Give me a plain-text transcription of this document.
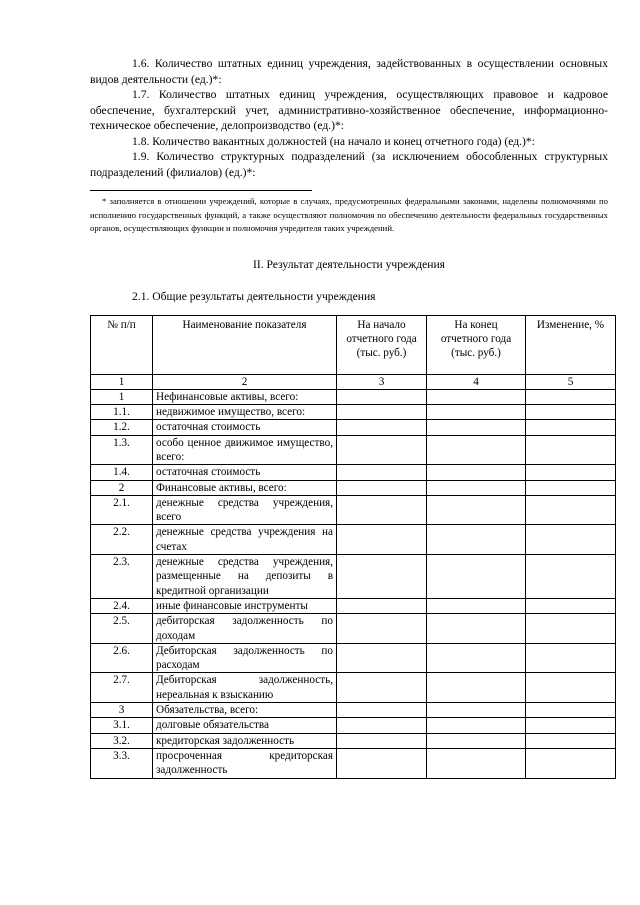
1.6. Количество штатных единиц учреждения, задействованных в осуществлении основных видов деятельности (ед.)*:

1.7. Количество штатных единиц учреждения, осуществляющих правовое и кадровое обеспечение, бухгалтерский учет, административно-хозяйственное обеспечение, информационно-техническое обеспечение, делопроизводство (ед.)*:

1.8. Количество вакантных должностей (на начало и конец отчетного года) (ед.)*:

1.9. Количество структурных подразделений (за исключением обособленных структурных подразделений (филиалов) (ед.)*:

* заполняется в отношении учреждений, которые в случаях, предусмотренных федеральными законами, наделены полномочиями по исполнению государственных функций, а также осуществляют полномочия по обеспечению деятельности федеральных государственных органов, осуществляющих функции и полномочия учредителя таких учреждений.

II. Результат деятельности учреждения
2.1. Общие результаты деятельности учреждения
№ п/п	Наименование показателя	На начало отчетного года (тыс. руб.)	На конец отчетного года (тыс. руб.)	Изменение, %
1	2	3	4	5
1	Нефинансовые активы, всего:			
1.1.	недвижимое имущество, всего:			
1.2.	остаточная стоимость			
1.3.	особо ценное движимое имущество, всего:			
1.4.	остаточная стоимость			
2	Финансовые активы, всего:			
2.1.	денежные средства учреждения, всего			
2.2.	денежные средства учреждения на счетах			
2.3.	денежные средства учреждения, размещенные на депозиты в кредитной организации			
2.4.	иные финансовые инструменты			
2.5.	дебиторская задолженность по доходам			
2.6.	Дебиторская задолженность по расходам			
2.7.	Дебиторская задолженность, нереальная к взысканию			
3	Обязательства, всего:			
3.1.	долговые обязательства			
3.2.	кредиторская задолженность			
3.3.	просроченная кредиторская задолженность			
